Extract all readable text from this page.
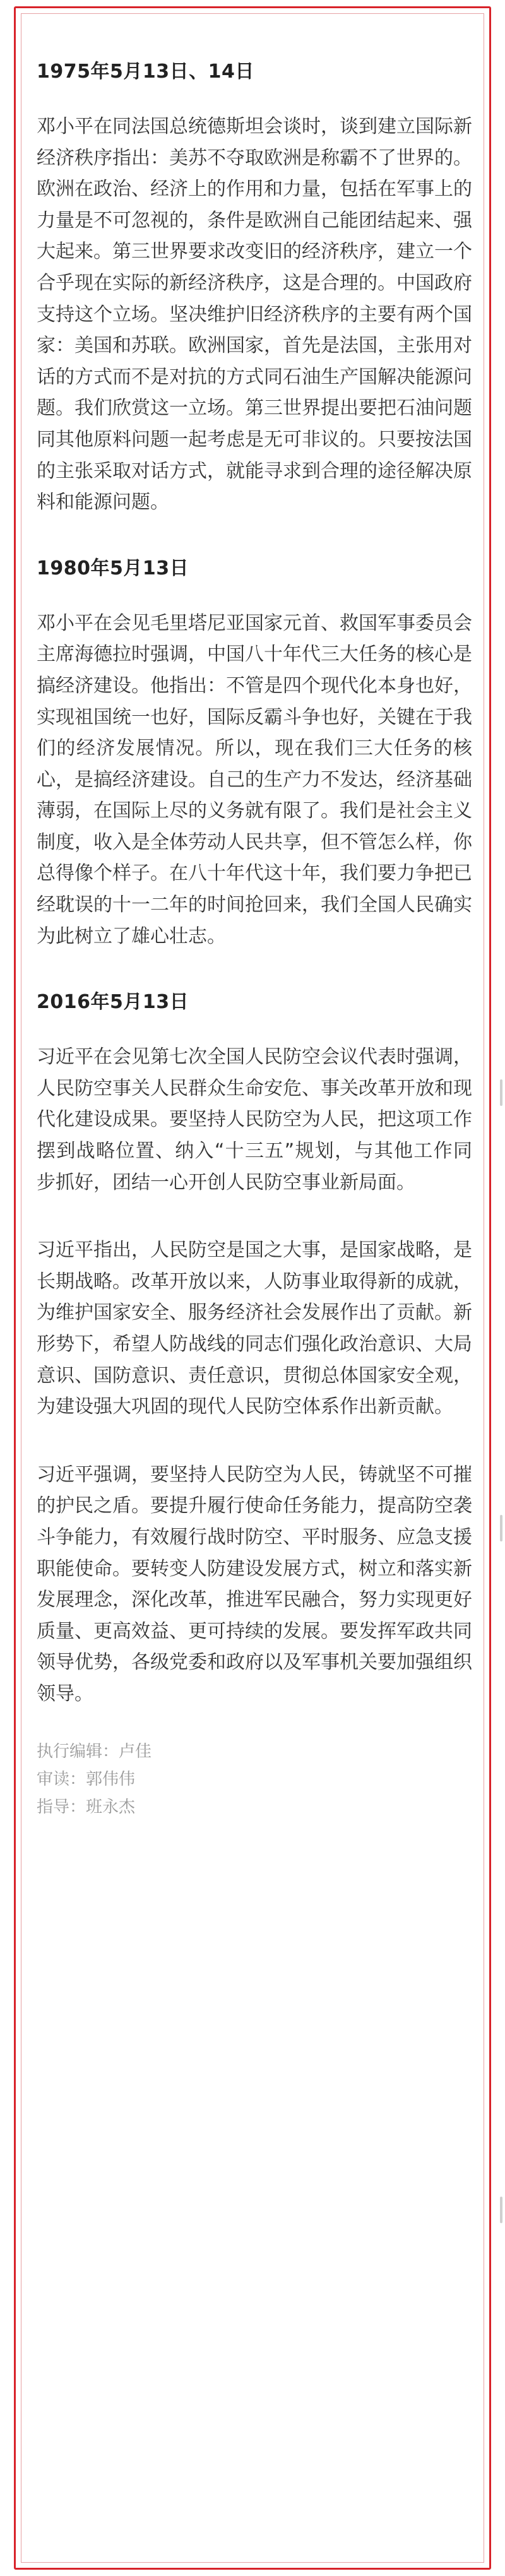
1975年5月13日、14日

邓小平在同法国总统德斯坦会谈时，谈到建立国际新经济秩序指出：美苏不夺取欧洲是称霸不了世界的。欧洲在政治、经济上的作用和力量，包括在军事上的力量是不可忽视的，条件是欧洲自己能团结起来、强大起来。第三世界要求改变旧的经济秩序，建立一个合乎现在实际的新经济秩序，这是合理的。中国政府支持这个立场。坚决维护旧经济秩序的主要有两个国家：美国和苏联。欧洲国家，首先是法国，主张用对话的方式而不是对抗的方式同石油生产国解决能源问题。我们欣赏这一立场。第三世界提出要把石油问题同其他原料问题一起考虑是无可非议的。只要按法国的主张采取对话方式，就能寻求到合理的途径解决原料和能源问题。

1980年5月13日

邓小平在会见毛里塔尼亚国家元首、救国军事委员会主席海德拉时强调，中国八十年代三大任务的核心是搞经济建设。他指出：不管是四个现代化本身也好，实现祖国统一也好，国际反霸斗争也好，关键在于我们的经济发展情况。所以，现在我们三大任务的核心，是搞经济建设。自己的生产力不发达，经济基础薄弱，在国际上尽的义务就有限了。我们是社会主义制度，收入是全体劳动人民共享，但不管怎么样，你总得像个样子。在八十年代这十年，我们要力争把已经耽误的十一二年的时间抢回来，我们全国人民确实为此树立了雄心壮志。

2016年5月13日

习近平在会见第七次全国人民防空会议代表时强调，人民防空事关人民群众生命安危、事关改革开放和现代化建设成果。要坚持人民防空为人民，把这项工作摆到战略位置、纳入“十三五”规划，与其他工作同步抓好，团结一心开创人民防空事业新局面。

习近平指出，人民防空是国之大事，是国家战略，是长期战略。改革开放以来，人防事业取得新的成就，为维护国家安全、服务经济社会发展作出了贡献。新形势下，希望人防战线的同志们强化政治意识、大局意识、国防意识、责任意识，贯彻总体国家安全观，为建设强大巩固的现代人民防空体系作出新贡献。

习近平强调，要坚持人民防空为人民，铸就坚不可摧的护民之盾。要提升履行使命任务能力，提高防空袭斗争能力，有效履行战时防空、平时服务、应急支援职能使命。要转变人防建设发展方式，树立和落实新发展理念，深化改革，推进军民融合，努力实现更好质量、更高效益、更可持续的发展。要发挥军政共同领导优势，各级党委和政府以及军事机关要加强组织领导。

执行编辑：卢佳
审读：郭伟伟
指导：班永杰
